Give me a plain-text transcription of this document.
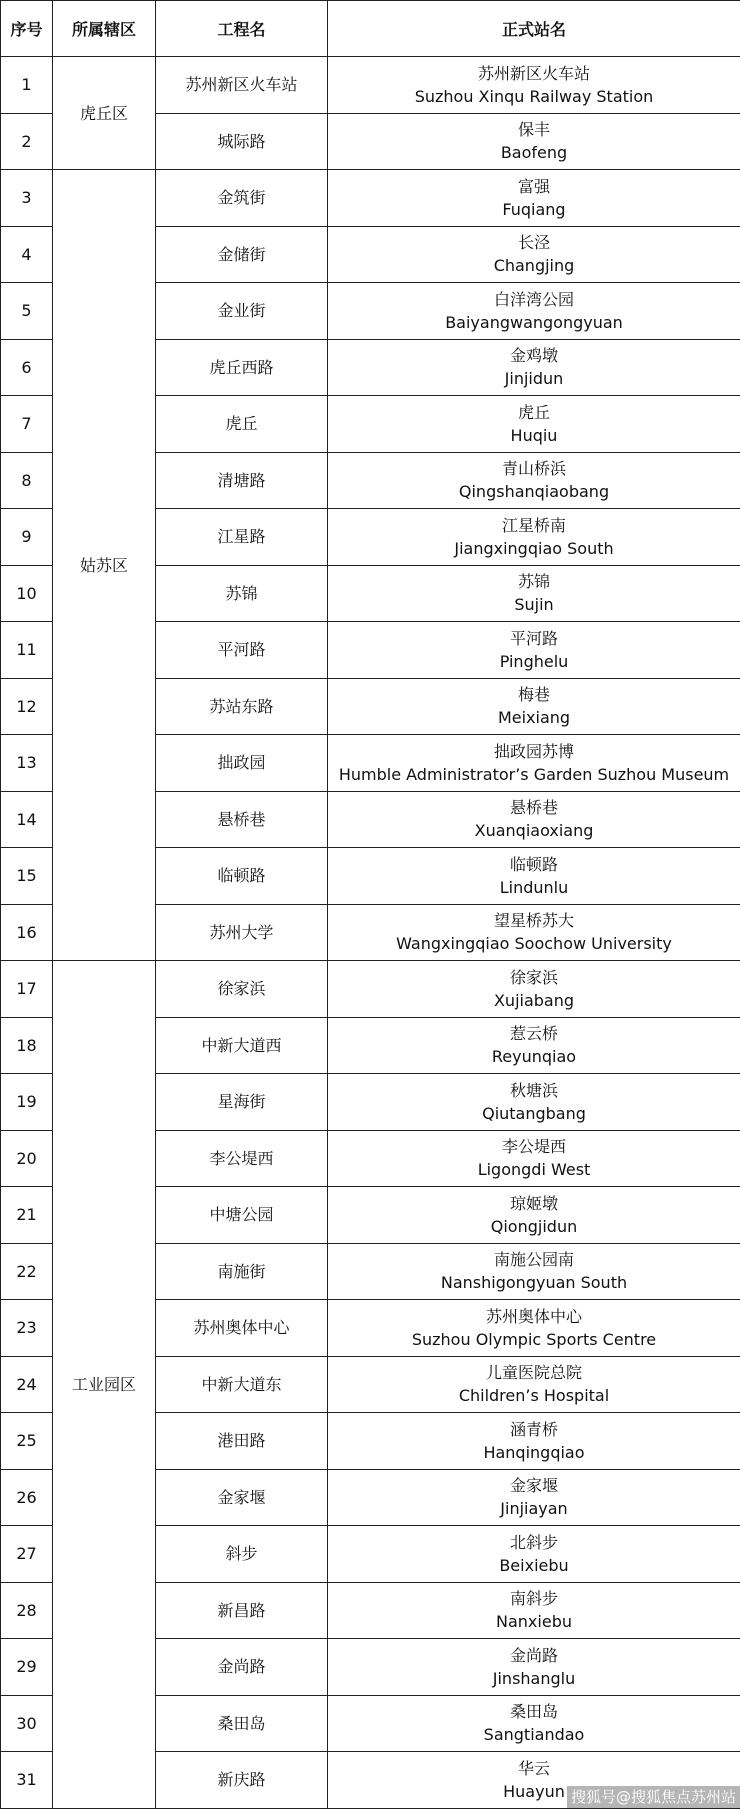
序号	所属辖区	工程名	正式站名
1	虎丘区	苏州新区火车站	苏州新区火车站
Suzhou Xinqu Railway Station

2		城际路	保丰
Baofeng

3	姑苏区	金筑街	富强
Fuqiang

4		金储街	长泾
Changjing

5		金业街	白洋湾公园
Baiyangwangongyuan

6		虎丘西路	金鸡墩
Jinjidun

7		虎丘	虎丘
Huqiu

8		清塘路	青山桥浜
Qingshanqiaobang

9		江星路	江星桥南
Jiangxingqiao South

10		苏锦	苏锦
Sujin

11		平河路	平河路
Pinghelu

12		苏站东路	梅巷
Meixiang

13		拙政园	拙政园苏博
Humble Administrator’s Garden Suzhou Museum

14		悬桥巷	悬桥巷
Xuanqiaoxiang

15		临顿路	临顿路
Lindunlu

16		苏州大学	望星桥苏大
Wangxingqiao Soochow University

17	工业园区	徐家浜	徐家浜
Xujiabang

18		中新大道西	惹云桥
Reyunqiao

19		星海街	秋塘浜
Qiutangbang

20		李公堤西	李公堤西
Ligongdi West

21		中塘公园	琼姬墩
Qiongjidun

22		南施街	南施公园南
Nanshigongyuan South

23		苏州奥体中心	苏州奥体中心
Suzhou Olympic Sports Centre

24		中新大道东	儿童医院总院
Children’s Hospital

25		港田路	涵青桥
Hanqingqiao

26		金家堰	金家堰
Jinjiayan

27		斜步	北斜步
Beixiebu

28		新昌路	南斜步
Nanxiebu

29		金尚路	金尚路
Jinshanglu

30		桑田岛	桑田岛
Sangtiandao

31		新庆路	华云
Huayun 搜狐号@搜狐焦点苏州站
